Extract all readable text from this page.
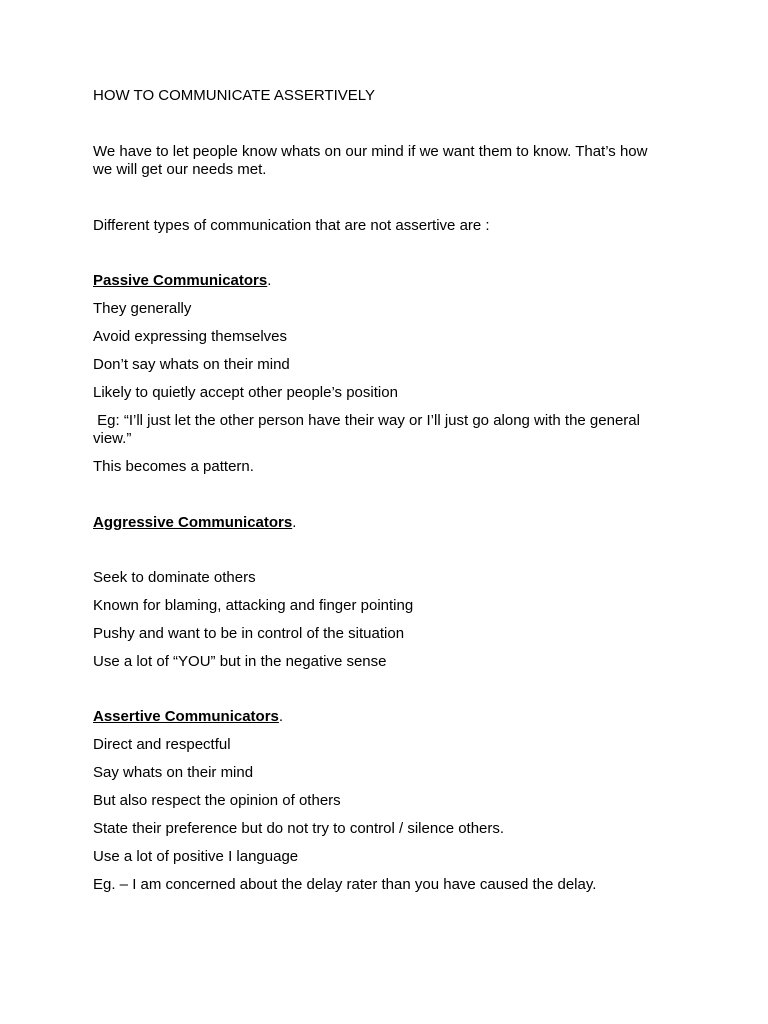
HOW TO COMMUNICATE ASSERTIVELY

We have to let people know whats on our mind if we want them to know. That’s how

we will get our needs met.

Different types of communication that are not assertive are :

Passive Communicators.

They generally

Avoid expressing themselves

Don’t say whats on their mind

Likely to quietly accept other people’s position

Eg: “I’ll just let the other person have their way or I’ll just go along with the general

view.”

This becomes a pattern.

Aggressive Communicators.

Seek to dominate others

Known for blaming, attacking and finger pointing

Pushy and want to be in control of the situation

Use a lot of “YOU” but in the negative sense

Assertive Communicators.

Direct and respectful

Say whats on their mind

But also respect the opinion of others

State their preference but do not try to control / silence others.

Use a lot of positive I language

Eg. – I am concerned about the delay rater than you have caused the delay.
